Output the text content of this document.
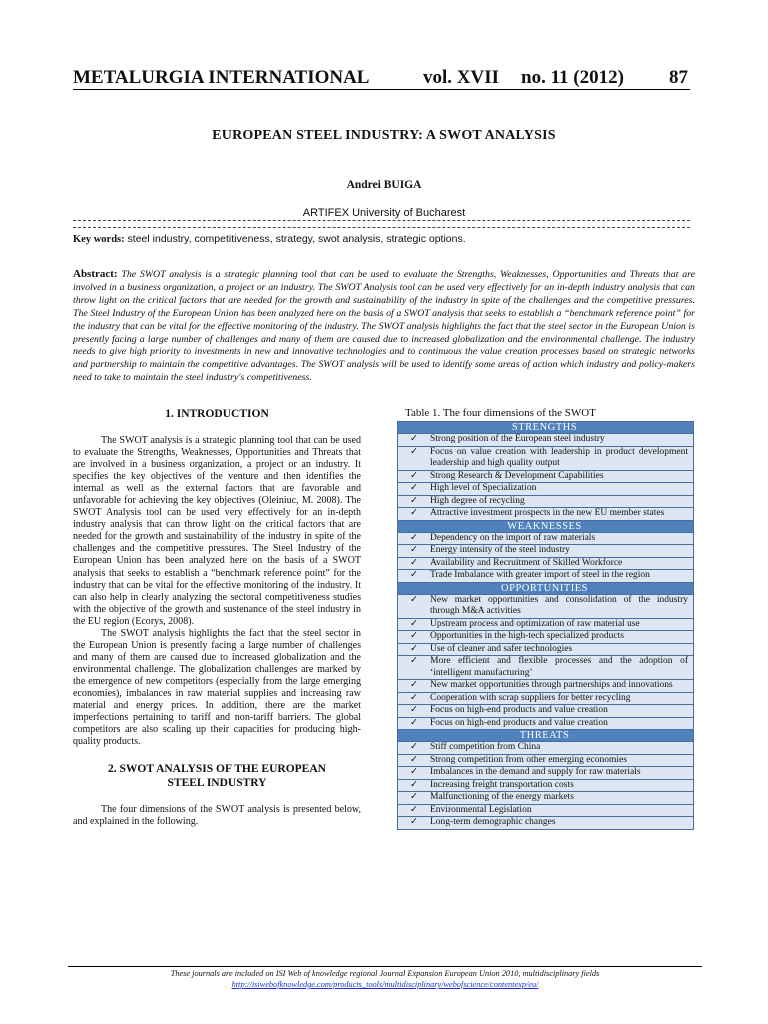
METALURGIA INTERNATIONAL	vol. XVII no. 11 (2012) 87
EUROPEAN STEEL INDUSTRY: A SWOT ANALYSIS
Andrei BUIGA
ARTIFEX University of Bucharest
Key words: steel industry, competitiveness, strategy, swot analysis, strategic options.
Abstract: The SWOT analysis is a strategic planning tool that can be used to evaluate the Strengths, Weaknesses, Opportunities and Threats that are involved in a business organization, a project or an industry. The SWOT Analysis tool can be used very effectively for an in-depth industry analysis that can throw light on the critical factors that are needed for the growth and sustainability of the industry in spite of the challenges and the competitive pressures. The Steel Industry of the European Union has been analyzed here on the basis of a SWOT analysis that seeks to establish a “benchmark reference point” for the industry that can be vital for the effective monitoring of the industry. The SWOT analysis highlights the fact that the steel sector in the European Union is presently facing a large number of challenges and many of them are caused due to increased globalization and the environmental challenge. The industry needs to give high priority to investments in new and innovative technologies and to continuous the value creation processes based on strategic networks and partnership to maintain the competitive advantages. The SWOT analysis will be used to identify some areas of action which industry and policy-makers need to take to maintain the steel industry's competitiveness.
1. INTRODUCTION

The SWOT analysis is a strategic planning tool that can be used to evaluate the Strengths, Weaknesses, Opportunities and Threats that are involved in a business organization, a project or an industry. It specifies the key objectives of the venture and then identifies the internal as well as the external factors that are favorable and unfavorable for achieving the key objectives (Oleiniuc, M. 2008). The SWOT Analysis tool can be used very effectively for an in-depth industry analysis that can throw light on the critical factors that are needed for the growth and sustainability of the industry in spite of the challenges and the competitive pressures. The Steel Industry of the European Union has been analyzed here on the basis of a SWOT analysis that seeks to establish a “benchmark reference point” for the industry that can be vital for the effective monitoring of the industry. It can also help in clearly analyzing the sectoral competitiveness studies with the objective of the growth and sustenance of the steel industry in the EU region (Ecorys, 2008).

The SWOT analysis highlights the fact that the steel sector in the European Union is presently facing a large number of challenges and many of them are caused due to increased globalization and the environmental challenge. The globalization challenges are marked by the emergence of new competitors (especially from the large emerging economies), imbalances in raw material supplies and increasing raw material and energy prices. In addition, there are the market imperfections pertaining to tariff and non-tariff barriers. The global competitors are also scaling up their capacities for producing high-quality products.

2. SWOT ANALYSIS OF THE EUROPEAN
STEEL INDUSTRY

The four dimensions of the SWOT analysis is presented below, and explained in the following.

Table 1. The four dimensions of the SWOT
STRENGTHS
✓ Strong position of the European steel industry
✓ Focus on value creation with leadership in product development leadership and high quality output
✓ Strong Research & Development Capabilities
✓ High level of Specialization
✓ High degree of recycling
✓ Attractive investment prospects in the new EU member states
WEAKNESSES
✓ Dependency on the import of raw materials
✓ Energy intensity of the steel industry
✓ Availability and Recruitment of Skilled Workforce
✓ Trade Imbalance with greater import of steel in the region
OPPORTUNITIES
✓ New market opportunities and consolidation of the industry through M&A activities
✓ Upstream process and optimization of raw material use
✓ Opportunities in the high-tech specialized products
✓ Use of cleaner and safer technologies
✓ More efficient and flexible processes and the adoption of ‘intelligent manufacturing’
✓ New market opportunities through partnerships and innovations
✓ Cooperation with scrap suppliers for better recycling
✓ Focus on high-end products and value creation
✓ Focus on high-end products and value creation
THREATS
✓ Stiff competition from China
✓ Strong competition from other emerging economies
✓ Imbalances in the demand and supply for raw materials
✓ Increasing freight transportation costs
✓ Malfunctioning of the energy markets
✓ Environmental Legislation
✓ Long-term demographic changes
These journals are included on ISI Web of knowledge regional Journal Expansion European Union 2010, multidisciplinary fields
http://isiwebofknowledge.com/products_tools/multidisciplinary/webofscience/contentexp/eu/
